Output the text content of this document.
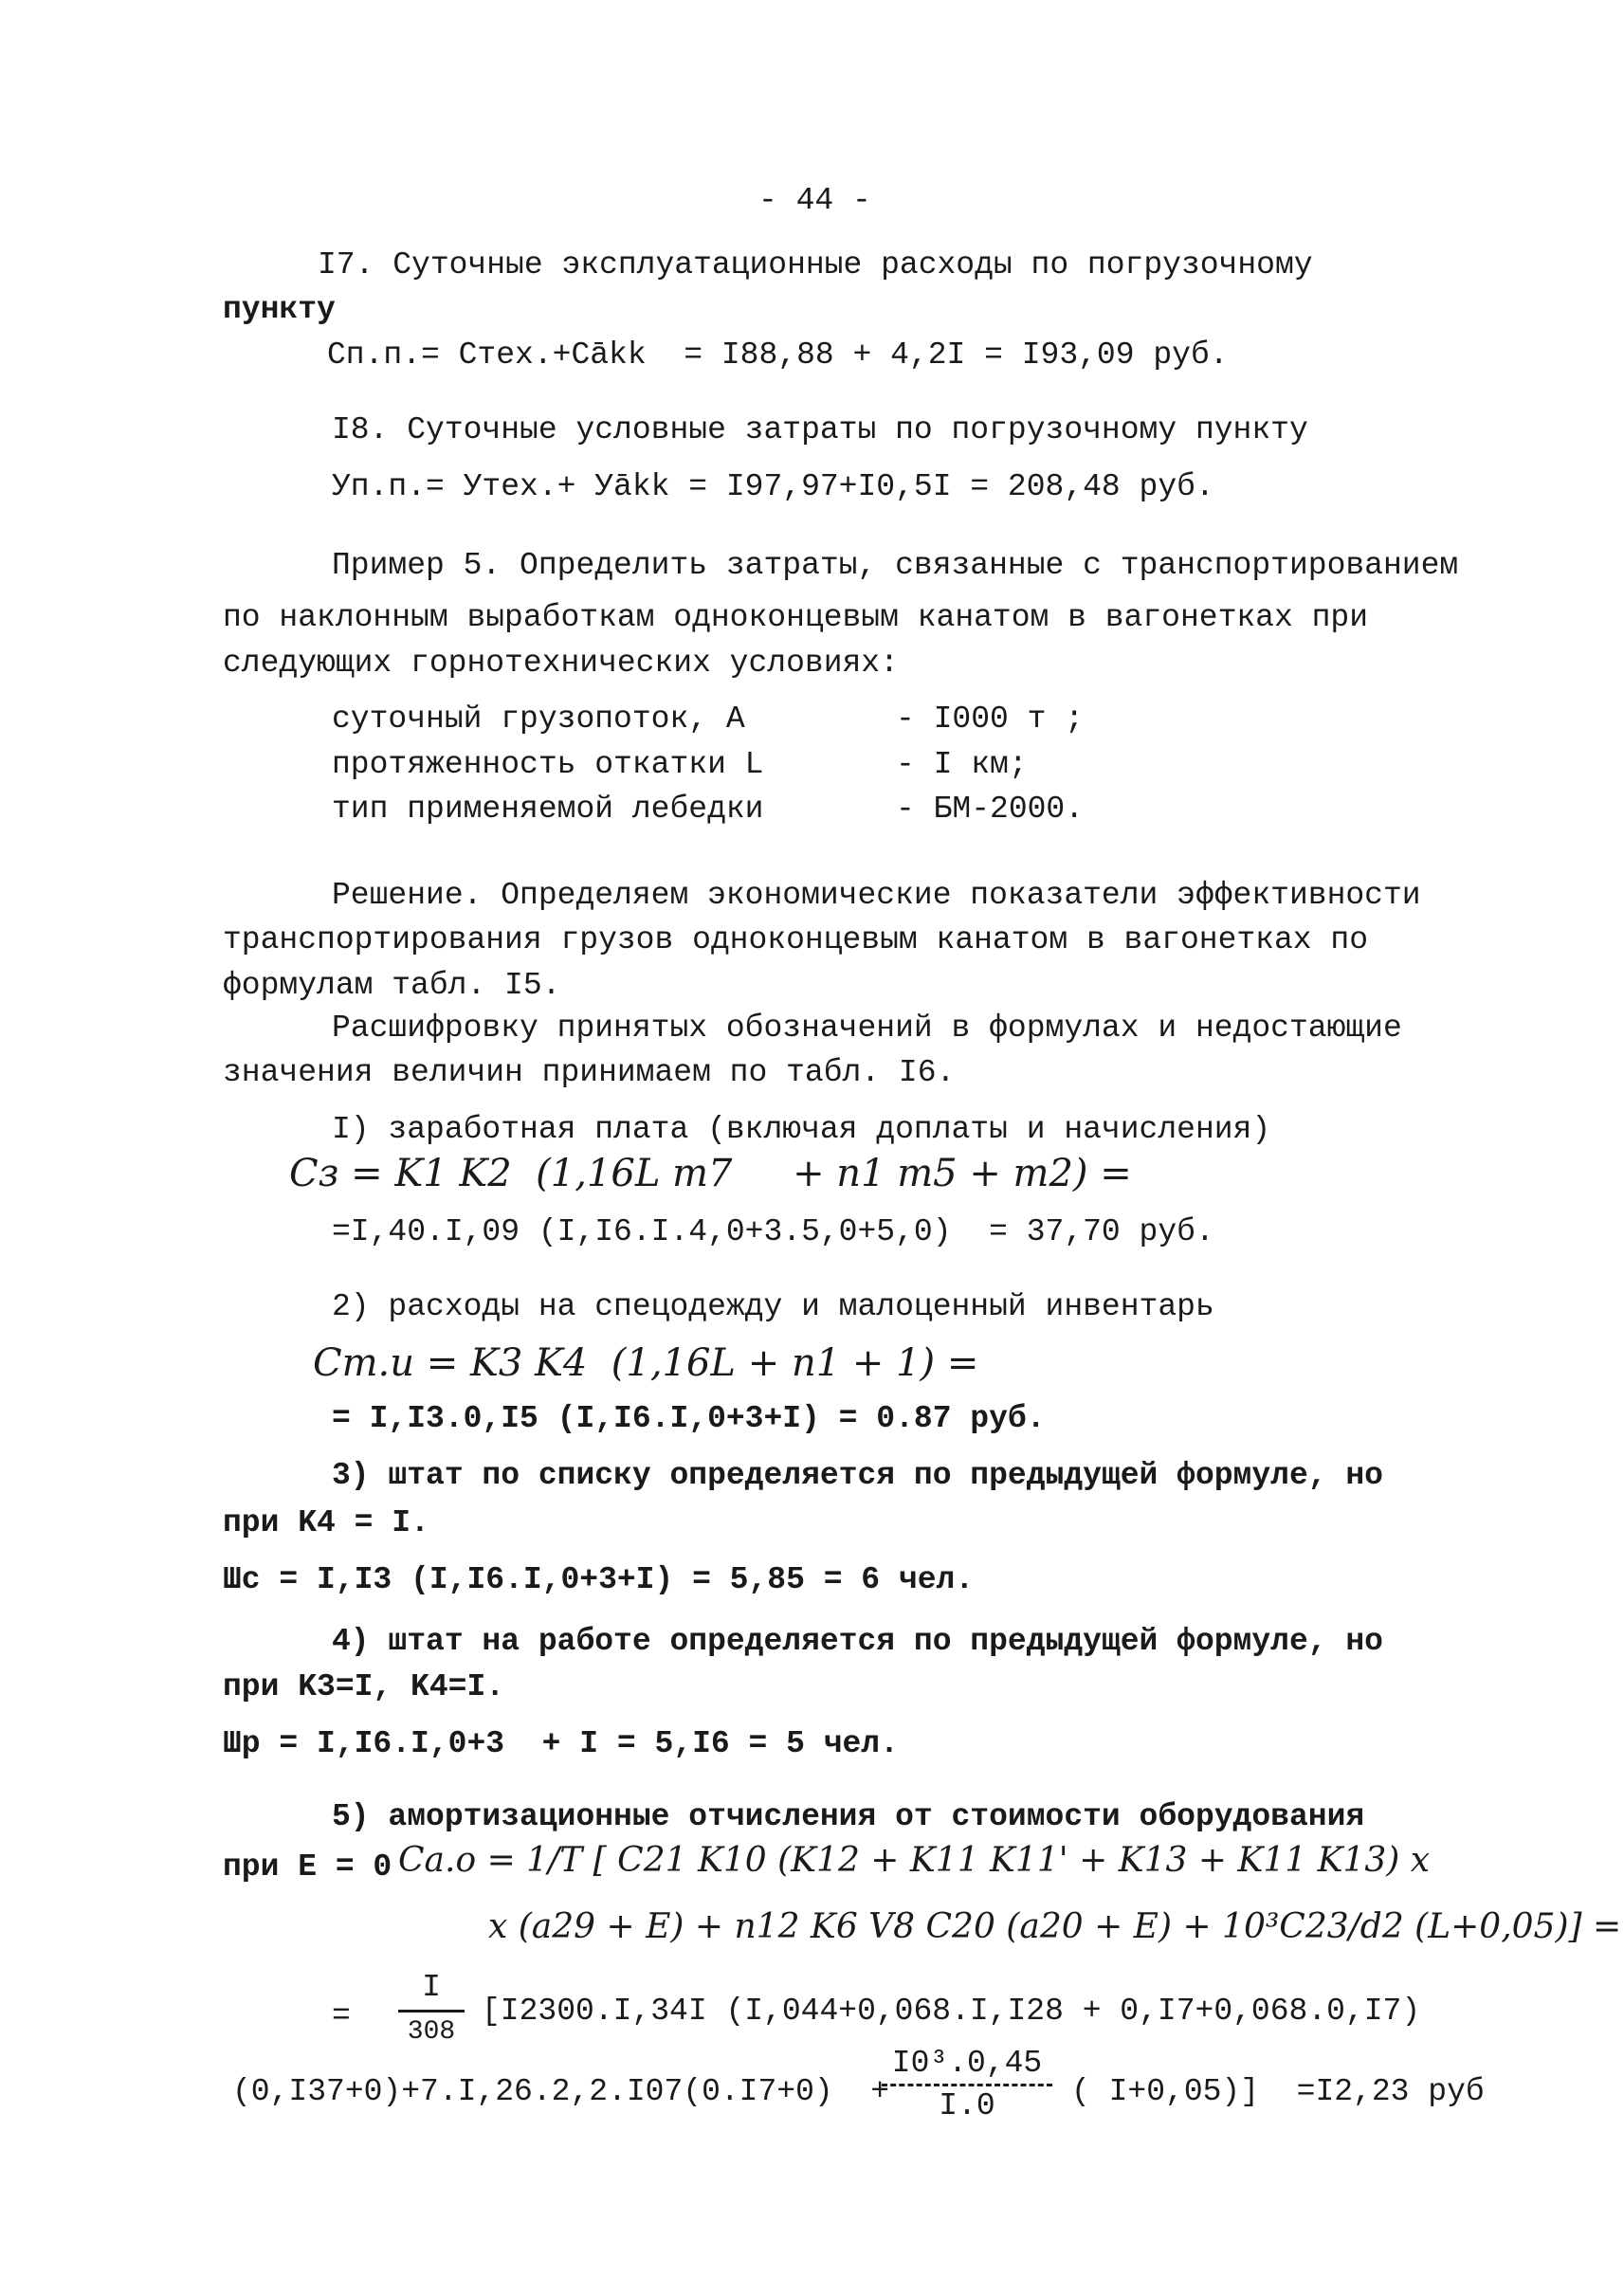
- 44 -
I7. Суточные эксплуатационные расходы по погрузочному
пункту
Сп.п.= Стех.+Сākk  = I88,88 + 4,2I = I93,09 руб.
I8. Суточные условные затраты по погрузочному пункту
Уп.п.= Утех.+ Уākk = I97,97+I0,5I = 208,48 руб.
Пример 5. Определить затраты, связанные с транспортированием
по наклонным выработкам одноконцевым канатом в вагонетках при
следующих горнотехнических условиях:
суточный грузопоток, A	- I000 т ;
протяженность откатки L	- I км;
тип применяемой лебедки	- БМ-2000.
Решение. Определяем экономические показатели эффективности
транспортирования грузов одноконцевым канатом в вагонетках по
формулам табл. I5.
Расшифровку принятых обозначений в формулах и недостающие
значения величин принимаем по табл. I6.
I) заработная плата (включая доплаты и начисления)
Cз = K1 K2  (1,16L m7     + n1 m5 + m2) =
=I,40.I,09 (I,I6.I.4,0+3.5,0+5,0)  = 37,70 руб.
2) расходы на спецодежду и малоценный инвентарь
Cm.u = K3 K4  (1,16L + n1 + 1) =
= I,I3.0,I5 (I,I6.I,0+3+I) = 0.87 руб.
3) штат по списку определяется по предыдущей формуле, но
при K4 = I.
Шс = I,I3 (I,I6.I,0+3+I) = 5,85 = 6 чел.
4) штат на работе определяется по предыдущей формуле, но
при K3=I, K4=I.
Шр = I,I6.I,0+3  + I = 5,I6 = 5 чел.
5) амортизационные отчисления от стоимости оборудования
при E = 0 Ca.o = 1/T [ C21 K10 (K12 + K11 K11' + K13 + K11 K13) x
x (a29 + E) + n12 K6 V8 C20 (a20 + E) + 10³C23/d2 (L+0,05)] =
=
I
308
[I2300.I,34I (I,044+0,068.I,I28 + 0,I7+0,068.0,I7)
(0,I37+0)+7.I,26.2,2.I07(0.I7+0)  +
I0³.0,45
I.0	( I+0,05)]  =I2,23 руб
